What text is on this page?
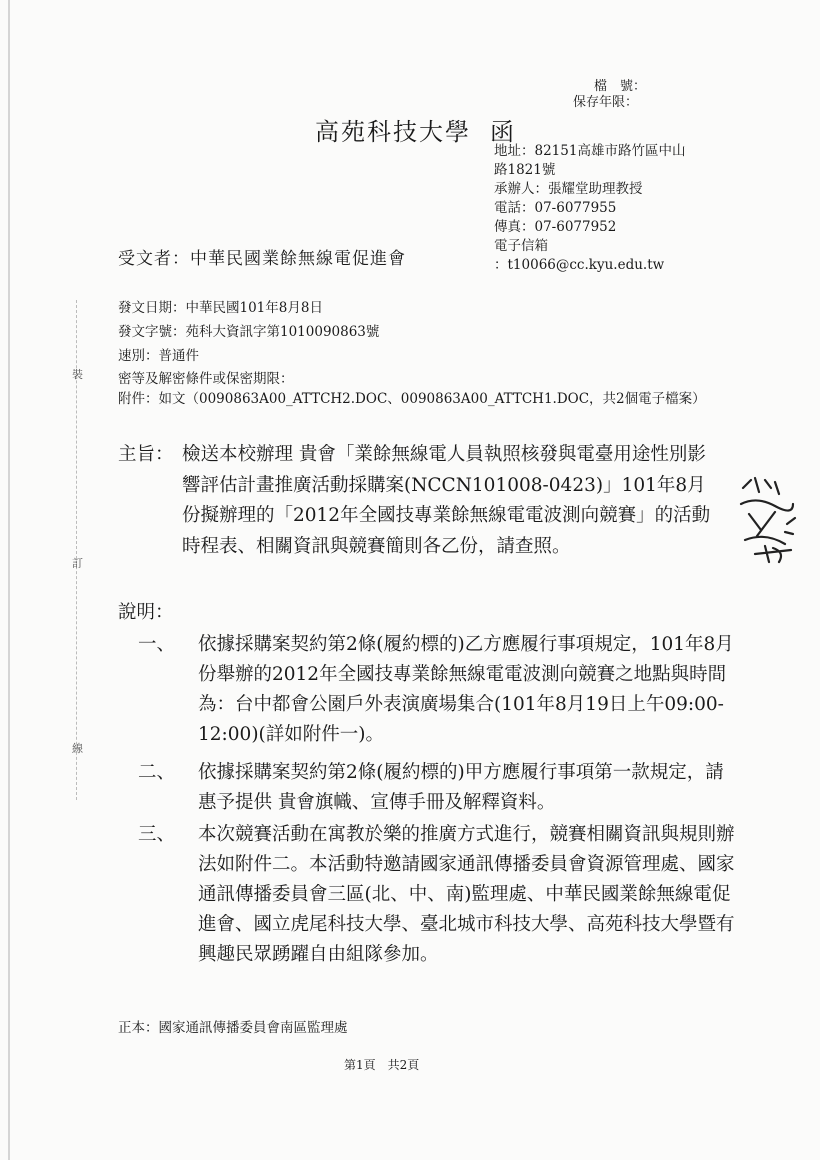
裝
訂
線
檔　號：
保存年限：
高苑科技大學 函
地址：82151高雄市路竹區中山
路1821號
承辦人：張耀堂助理教授
電話：07-6077955
傳真：07-6077952
電子信箱
：t10066@cc.kyu.edu.tw
受文者：中華民國業餘無線電促進會
發文日期：中華民國101年8月8日
發文字號：苑科大資訊字第1010090863號
速別：普通件
密等及解密條件或保密期限：
附件：如文（0090863A00_ATTCH2.DOC、0090863A00_ATTCH1.DOC，共2個電子檔案）
主旨： 檢送本校辦理 貴會「業餘無線電人員執照核發與電臺用途性別影響評估計畫推廣活動採購案(NCCN101008-0423)」101年8月份擬辦理的「2012年全國技專業餘無線電電波測向競賽」的活動時程表、相關資訊與競賽簡則各乙份，請查照。
說明：
一、 依據採購案契約第2條(履約標的)乙方應履行事項規定，101年8月份舉辦的2012年全國技專業餘無線電電波測向競賽之地點與時間為：台中都會公園戶外表演廣場集合(101年8月19日上午09:00-12:00)(詳如附件一)。
二、 依據採購案契約第2條(履約標的)甲方應履行事項第一款規定，請惠予提供 貴會旗幟、宣傳手冊及解釋資料。
三、 本次競賽活動在寓教於樂的推廣方式進行，競賽相關資訊與規則辦法如附件二。本活動特邀請國家通訊傳播委員會資源管理處、國家通訊傳播委員會三區(北、中、南)監理處、中華民國業餘無線電促進會、國立虎尾科技大學、臺北城市科技大學、高苑科技大學暨有興趣民眾踴躍自由組隊參加。
正本：國家通訊傳播委員會南區監理處
第1頁　共2頁
